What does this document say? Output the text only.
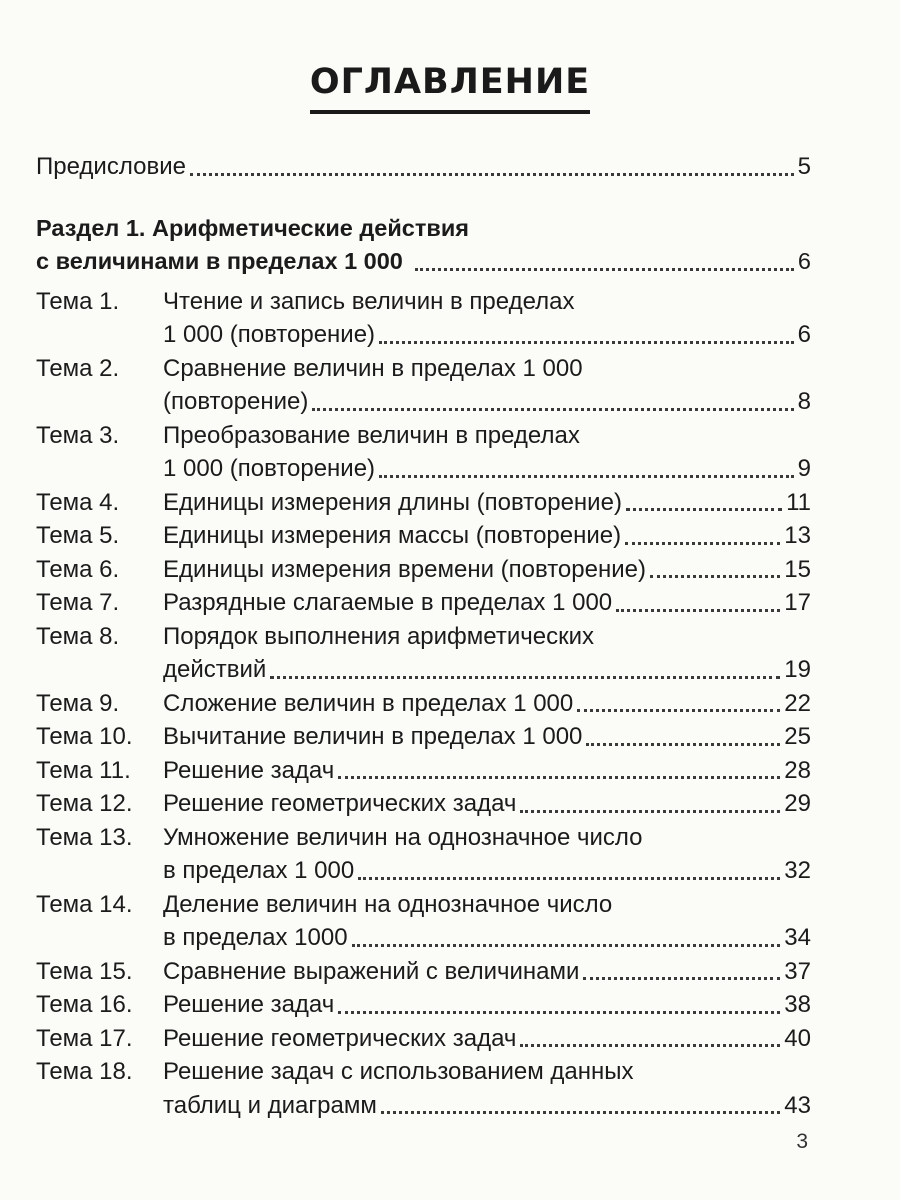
ОГЛАВЛЕНИЕ
Предисловие	5
Раздел 1. Арифметические действия
с величинами в пределах 1 000	6
Тема 1.	Чтение и запись величин в пределах
1 000 (повторение)	6
Тема 2.	Сравнение величин в пределах 1 000
(повторение)	8
Тема 3.	Преобразование величин в пределах
1 000 (повторение)	9
Тема 4.	Единицы измерения длины (повторение)	11
Тема 5.	Единицы измерения массы (повторение)	13
Тема 6.	Единицы измерения времени (повторение)	15
Тема 7.	Разрядные слагаемые в пределах 1 000	17
Тема 8.	Порядок выполнения арифметических
действий	19
Тема 9.	Сложение величин в пределах 1 000	22
Тема 10.	Вычитание величин в пределах 1 000	25
Тема 11.	Решение задач	28
Тема 12.	Решение геометрических задач	29
Тема 13.	Умножение величин на однозначное число
в пределах 1 000	32
Тема 14.	Деление величин на однозначное число
в пределах 1000	34
Тема 15.	Сравнение выражений с величинами	37
Тема 16.	Решение задач	38
Тема 17.	Решение геометрических задач	40
Тема 18.	Решение задач с использованием данных
таблиц и диаграмм	43
3
